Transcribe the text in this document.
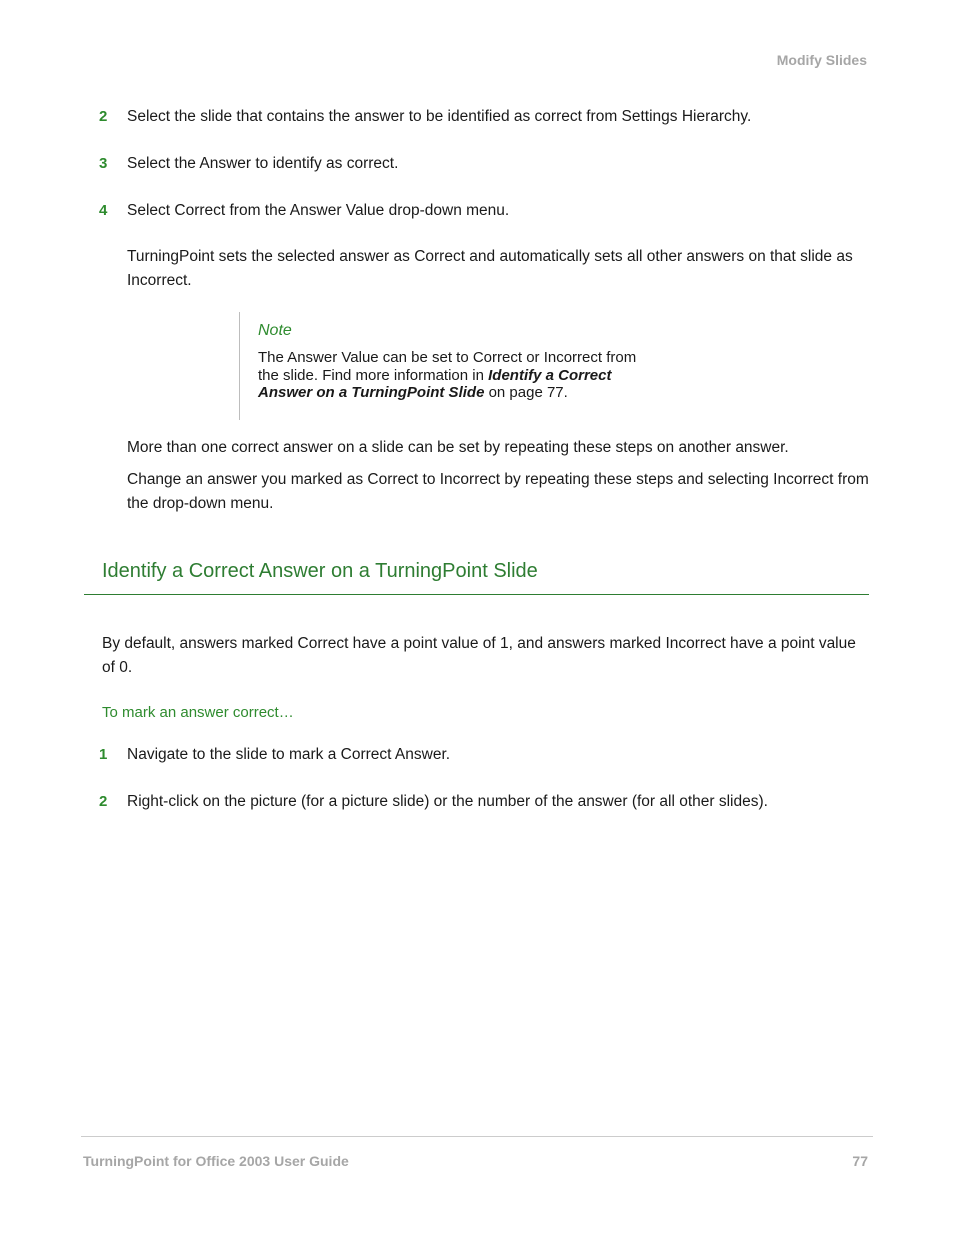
Modify Slides
2 Select the slide that contains the answer to be identified as correct from Settings Hierarchy.
3 Select the Answer to identify as correct.
4 Select Correct from the Answer Value drop-down menu.
TurningPoint sets the selected answer as Correct and automatically sets all other answers on that slide as Incorrect.
Note
The Answer Value can be set to Correct or Incorrect from the slide. Find more information in Identify a Correct Answer on a TurningPoint Slide on page 77.
More than one correct answer on a slide can be set by repeating these steps on another answer.
Change an answer you marked as Correct to Incorrect by repeating these steps and selecting Incorrect from the drop-down menu.
Identify a Correct Answer on a TurningPoint Slide
By default, answers marked Correct have a point value of 1, and answers marked Incorrect have a point value of 0.
To mark an answer correct…
1 Navigate to the slide to mark a Correct Answer.
2 Right-click on the picture (for a picture slide) or the number of the answer (for all other slides).
TurningPoint for Office 2003 User Guide	77
